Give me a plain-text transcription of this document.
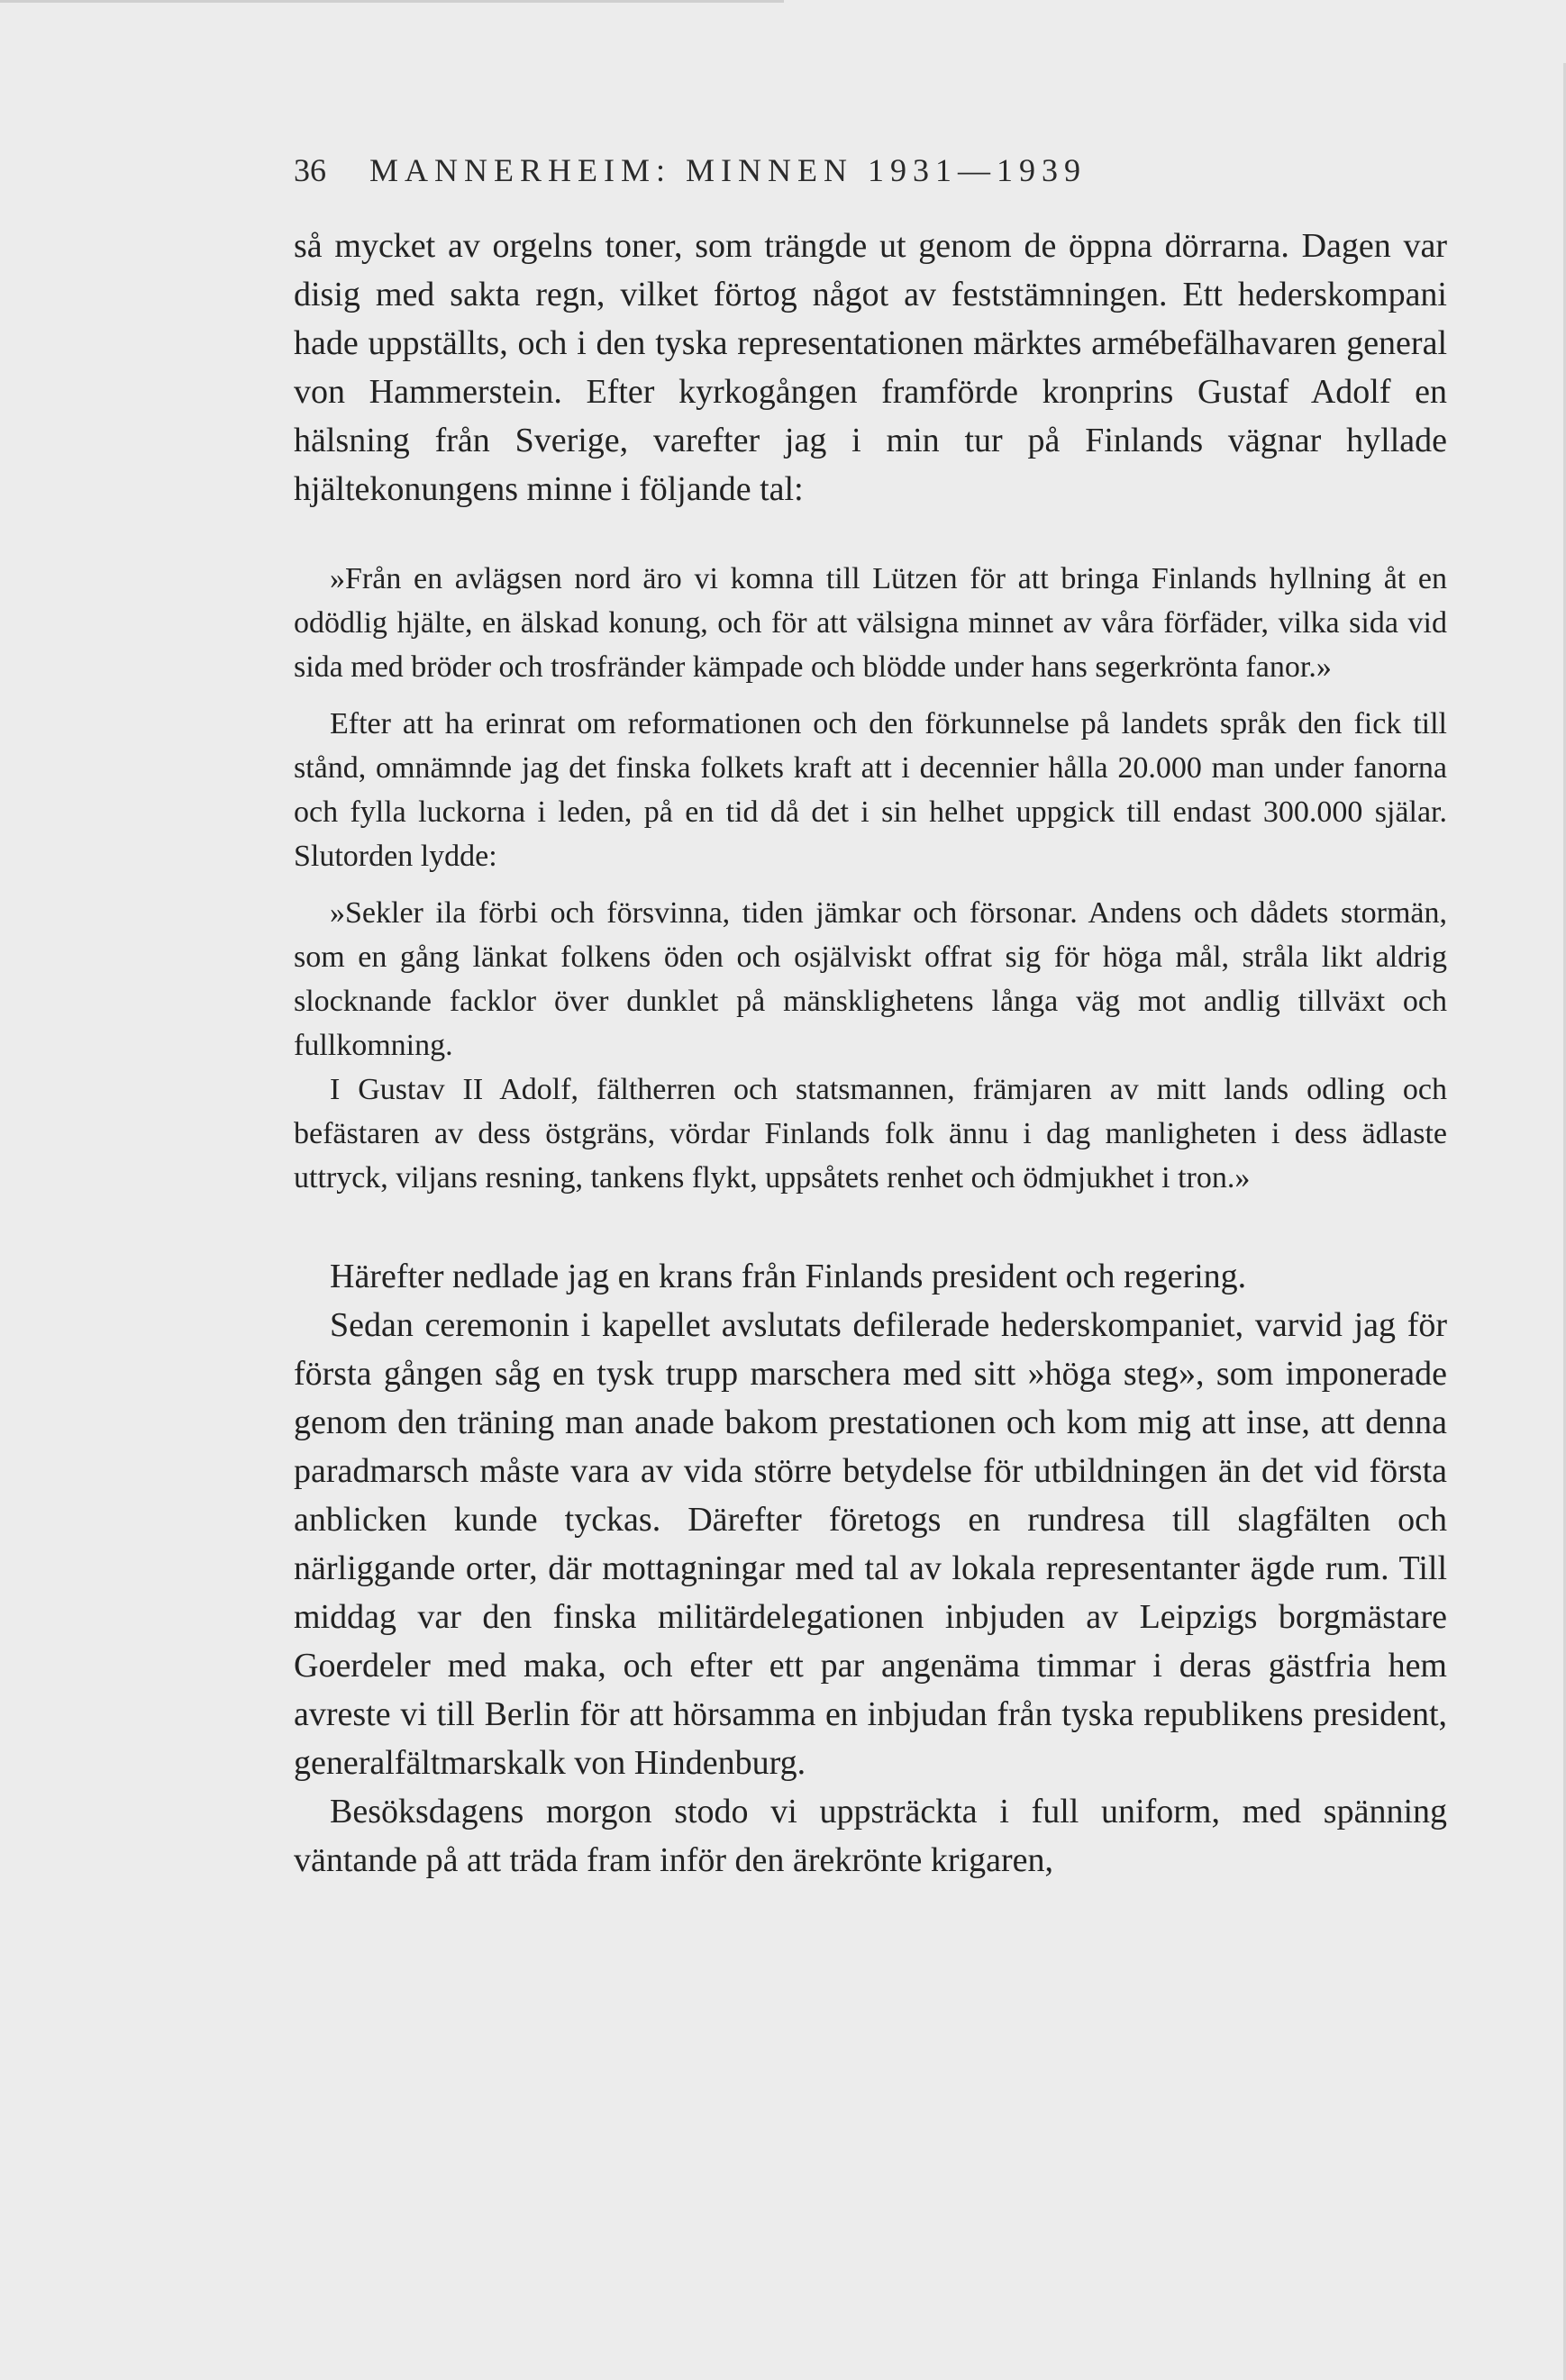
36 MANNERHEIM: MINNEN 1931—1939

så mycket av orgelns toner, som trängde ut genom de öppna dörrarna. Dagen var disig med sakta regn, vilket förtog något av feststämningen. Ett hederskompani hade uppställts, och i den tyska representationen märktes armébefälhavaren general von Hammerstein. Efter kyrkogången framförde kronprins Gustaf Adolf en hälsning från Sverige, varefter jag i min tur på Finlands vägnar hyllade hjältekonungens minne i följande tal:

»Från en avlägsen nord äro vi komna till Lützen för att bringa Finlands hyllning åt en odödlig hjälte, en älskad konung, och för att välsigna minnet av våra förfäder, vilka sida vid sida med bröder och trosfränder kämpade och blödde under hans segerkrönta fanor.»

Efter att ha erinrat om reformationen och den förkunnelse på landets språk den fick till stånd, omnämnde jag det finska folkets kraft att i decennier hålla 20.000 man under fanorna och fylla luckorna i leden, på en tid då det i sin helhet uppgick till endast 300.000 själar. Slutorden lydde:

»Sekler ila förbi och försvinna, tiden jämkar och försonar. Andens och dådets stormän, som en gång länkat folkens öden och osjälviskt offrat sig för höga mål, stråla likt aldrig slocknande facklor över dunklet på mänsklighetens långa väg mot andlig tillväxt och fullkomning.

I Gustav II Adolf, fältherren och statsmannen, främjaren av mitt lands odling och befästaren av dess östgräns, vördar Finlands folk ännu i dag manligheten i dess ädlaste uttryck, viljans resning, tankens flykt, uppsåtets renhet och ödmjukhet i tron.»

Härefter nedlade jag en krans från Finlands president och regering.

Sedan ceremonin i kapellet avslutats defilerade hederskompaniet, varvid jag för första gången såg en tysk trupp marschera med sitt »höga steg», som imponerade genom den träning man anade bakom prestationen och kom mig att inse, att denna paradmarsch måste vara av vida större betydelse för utbildningen än det vid första anblicken kunde tyckas. Därefter företogs en rundresa till slagfälten och närliggande orter, där mottagningar med tal av lokala representanter ägde rum. Till middag var den finska militärdelegationen inbjuden av Leipzigs borgmästare Goerdeler med maka, och efter ett par angenäma timmar i deras gästfria hem avreste vi till Berlin för att hörsamma en inbjudan från tyska republikens president, generalfältmarskalk von Hindenburg.

Besöksdagens morgon stodo vi uppsträckta i full uniform, med spänning väntande på att träda fram inför den ärekrönte krigaren,
